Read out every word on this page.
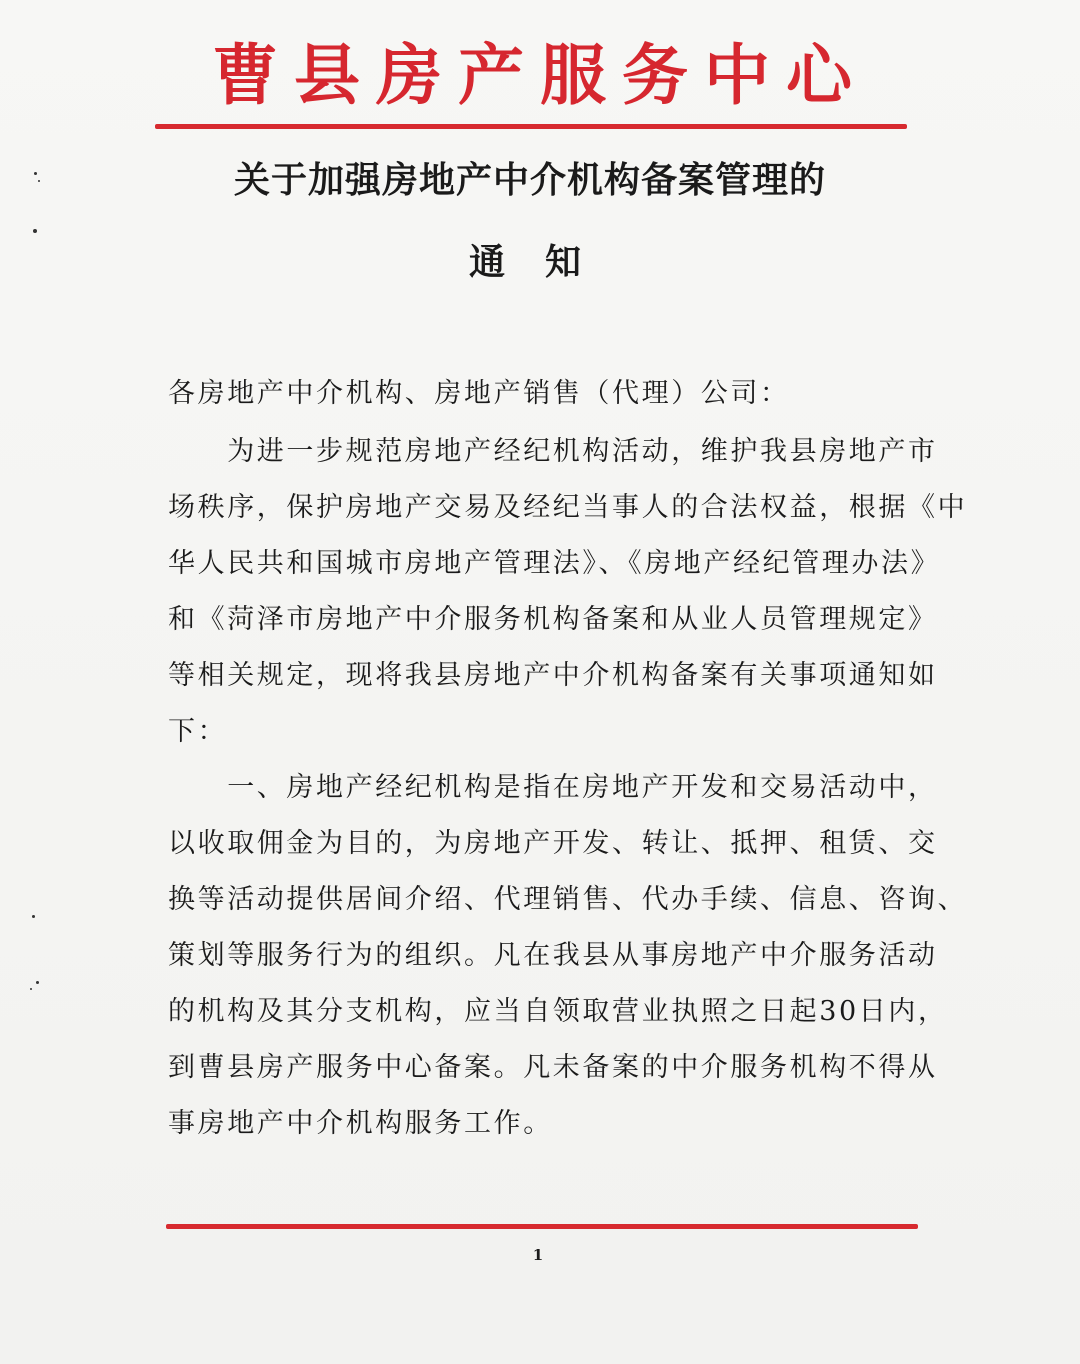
曹县房产服务中心
关于加强房地产中介机构备案管理的
通知
各房地产中介机构、房地产销售（代理）公司：
　　为进一步规范房地产经纪机构活动，维护我县房地产市
场秩序，保护房地产交易及经纪当事人的合法权益，根据《中
华人民共和国城市房地产管理法》、《房地产经纪管理办法》
和《菏泽市房地产中介服务机构备案和从业人员管理规定》
等相关规定，现将我县房地产中介机构备案有关事项通知如
下：
　　一、房地产经纪机构是指在房地产开发和交易活动中，
以收取佣金为目的，为房地产开发、转让、抵押、租赁、交
换等活动提供居间介绍、代理销售、代办手续、信息、咨询、
策划等服务行为的组织。凡在我县从事房地产中介服务活动
的机构及其分支机构，应当自领取营业执照之日起30日内，
到曹县房产服务中心备案。凡未备案的中介服务机构不得从
事房地产中介机构服务工作。
1
